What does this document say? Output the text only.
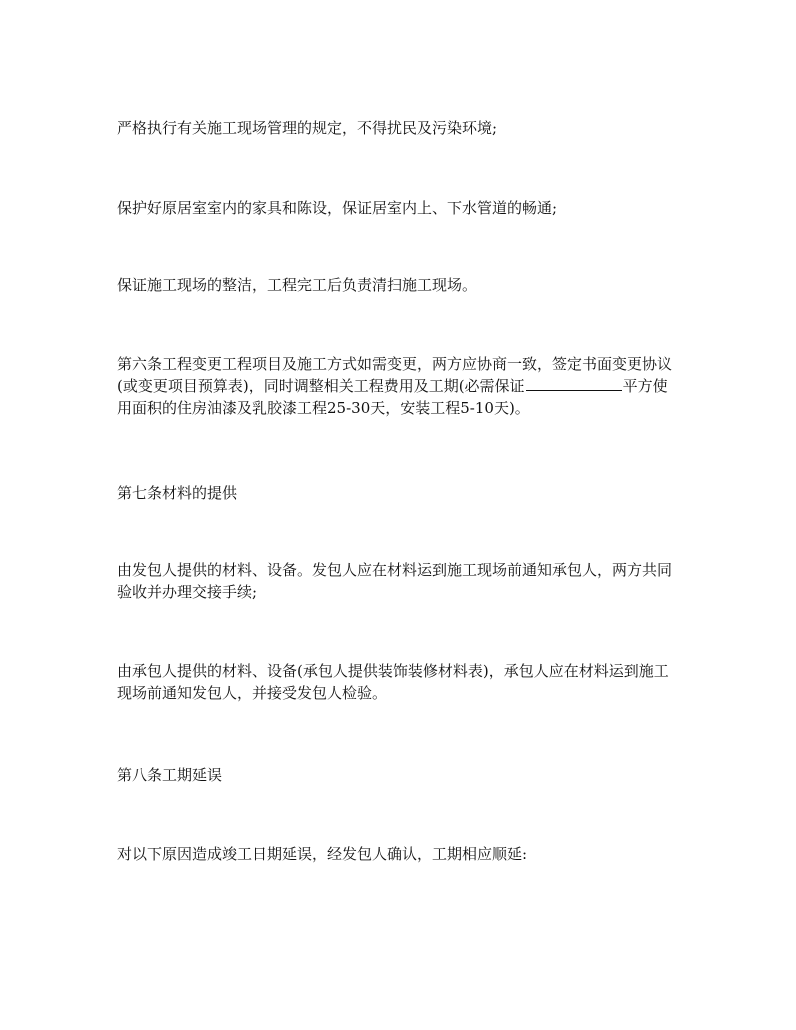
严格执行有关施工现场管理的规定，不得扰民及污染环境;

保护好原居室室内的家具和陈设，保证居室内上、下水管道的畅通;

保证施工现场的整洁，工程完工后负责清扫施工现场。

第六条工程变更工程项目及施工方式如需变更，两方应协商一致，签定书面变更协议(或变更项目预算表)，同时调整相关工程费用及工期(必需保证	平方使用面积的住房油漆及乳胶漆工程25-30天，安装工程5-10天)。

第七条材料的提供

由发包人提供的材料、设备。发包人应在材料运到施工现场前通知承包人，两方共同验收并办理交接手续;

由承包人提供的材料、设备(承包人提供装饰装修材料表)，承包人应在材料运到施工现场前通知发包人，并接受发包人检验。

第八条工期延误

对以下原因造成竣工日期延误，经发包人确认，工期相应顺延:
